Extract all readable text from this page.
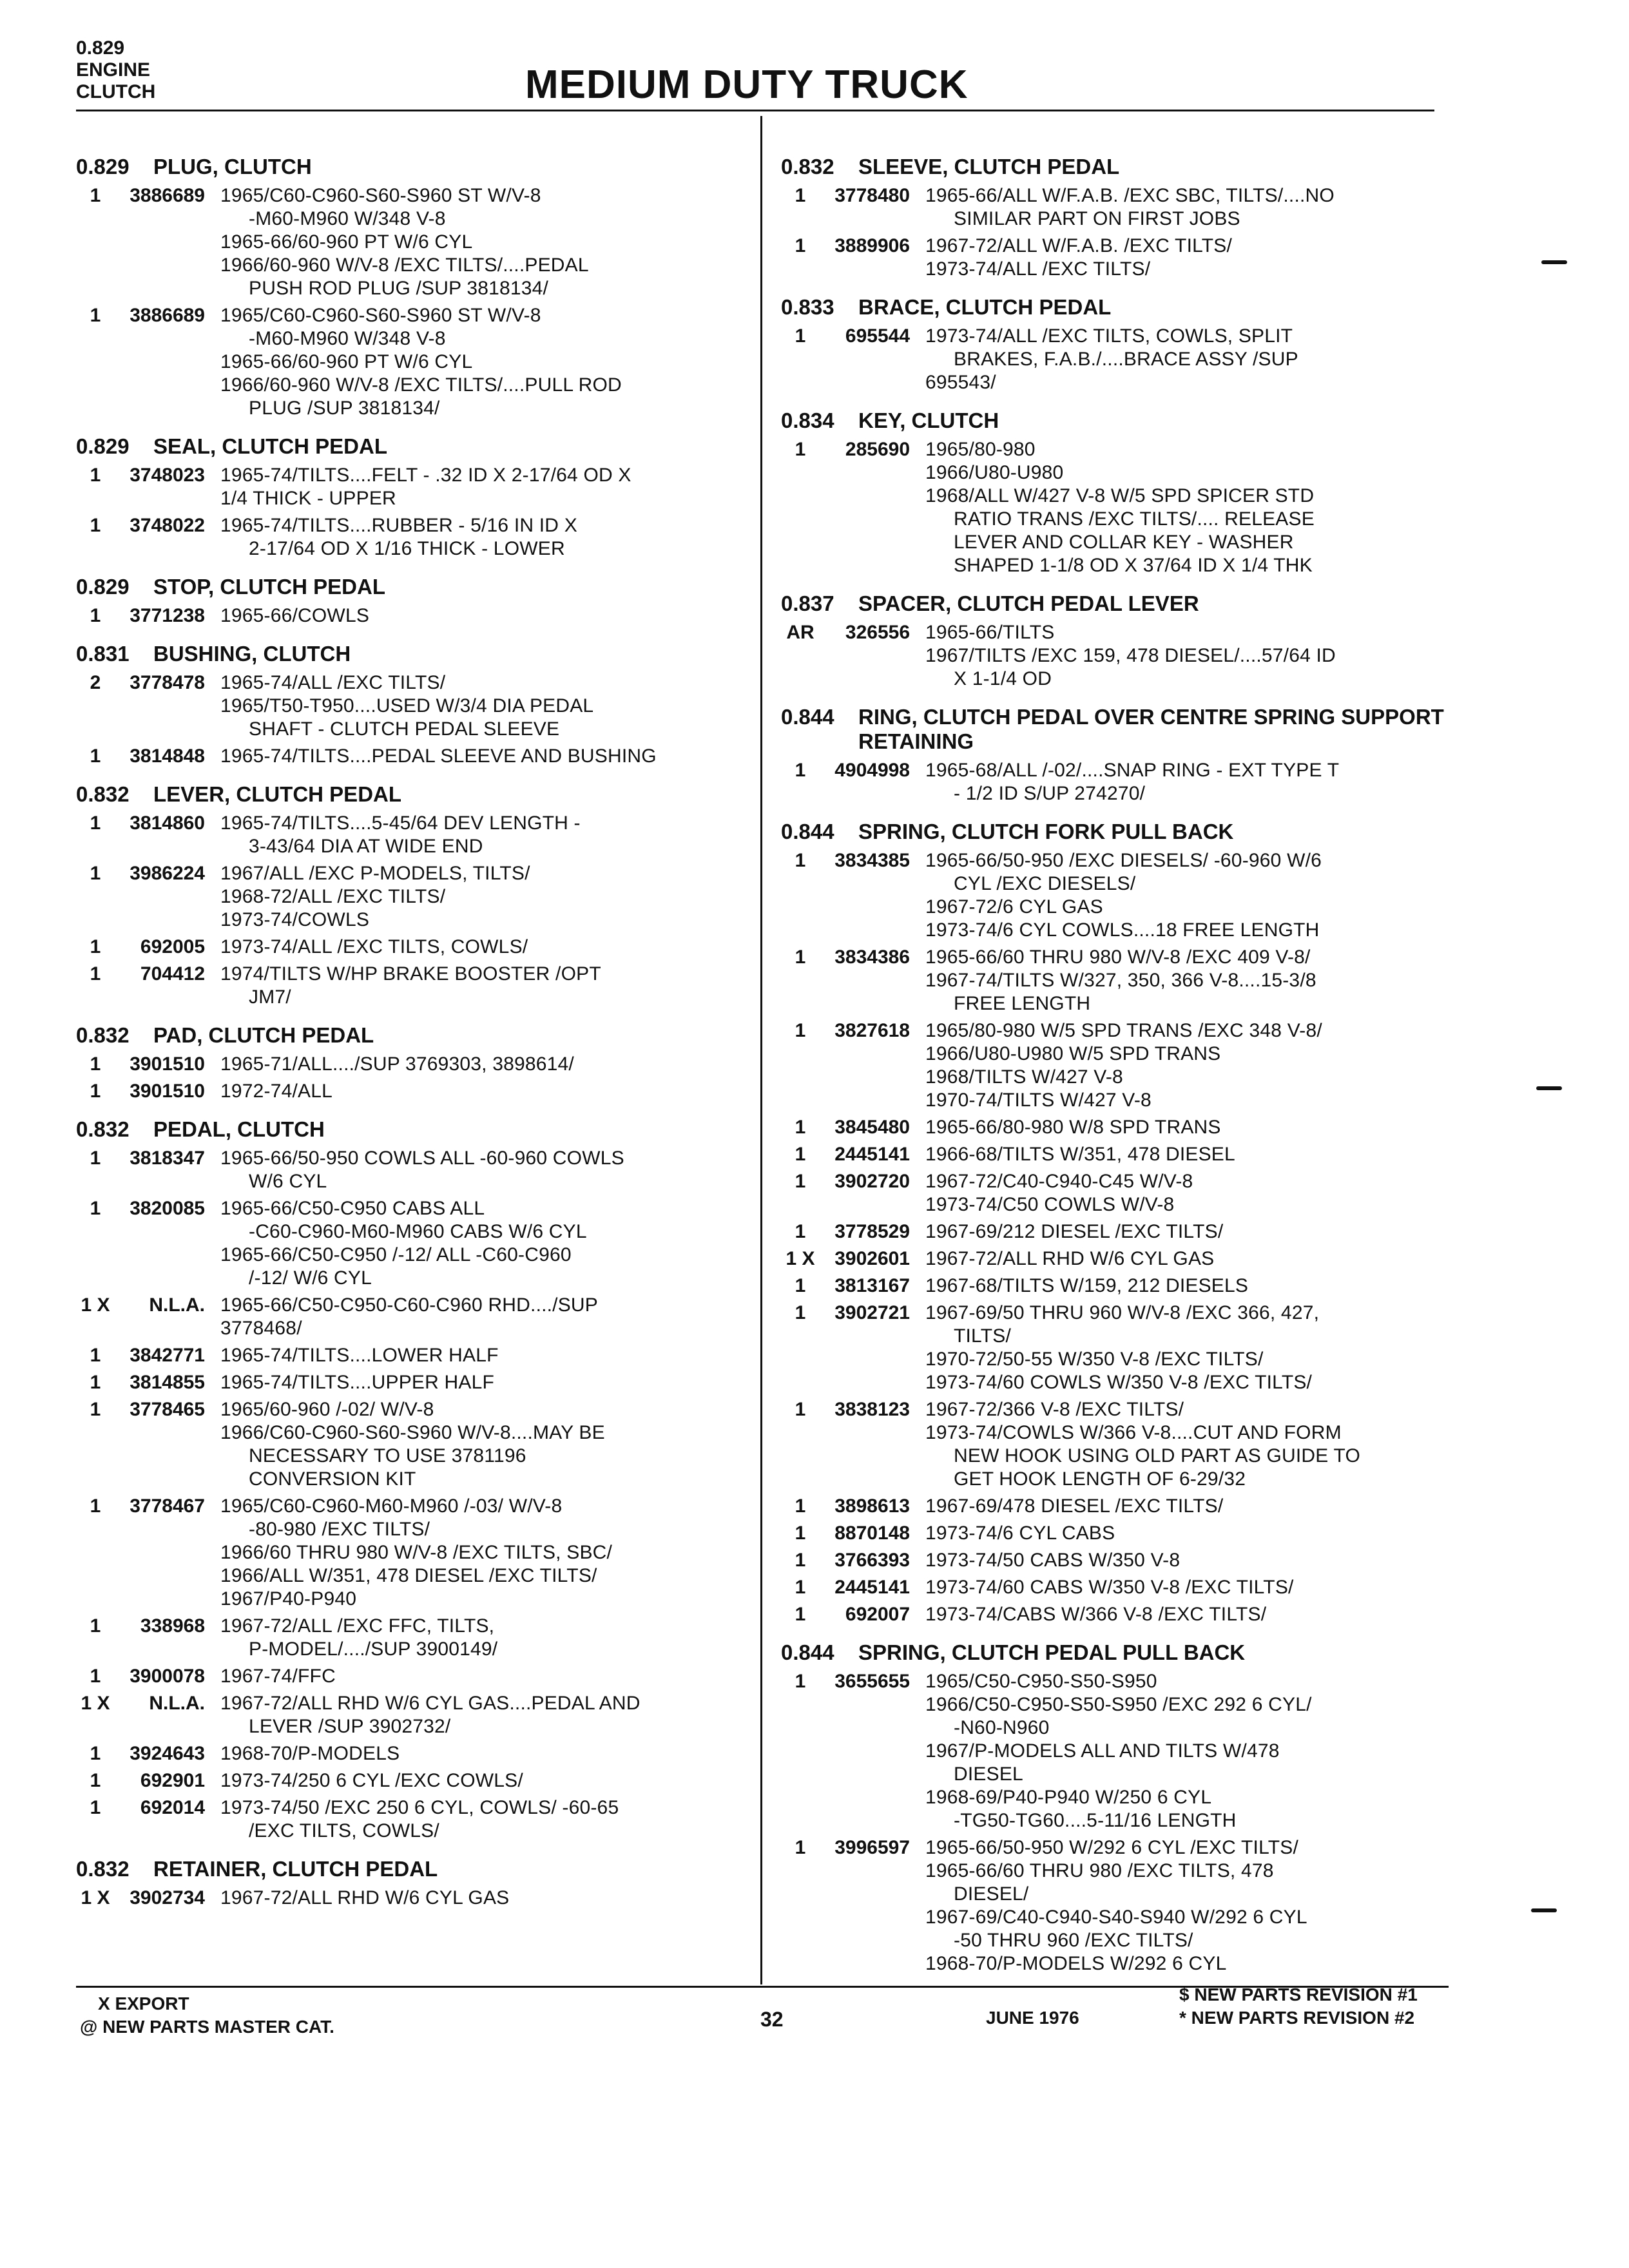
0.829
ENGINE
CLUTCH	MEDIUM DUTY TRUCK
0.829	PLUG, CLUTCH
1	3886689 1965/C60-C960-S60-S960 ST W/V-8
-M60-M960 W/348 V-8
1965-66/60-960 PT W/6 CYL
1966/60-960 W/V-8 /EXC TILTS/....PEDAL
PUSH ROD PLUG /SUP 3818134/
1	3886689 1965/C60-C960-S60-S960 ST W/V-8
-M60-M960 W/348 V-8
1965-66/60-960 PT W/6 CYL
1966/60-960 W/V-8 /EXC TILTS/....PULL ROD
PLUG /SUP 3818134/
0.829	SEAL, CLUTCH PEDAL
1	3748023 1965-74/TILTS....FELT - .32 ID X 2-17/64 OD X
1/4 THICK - UPPER
1	3748022 1965-74/TILTS....RUBBER - 5/16 IN ID X
2-17/64 OD X 1/16 THICK - LOWER
0.829	STOP, CLUTCH PEDAL
1	3771238 1965-66/COWLS
0.831	BUSHING, CLUTCH
2	3778478 1965-74/ALL /EXC TILTS/
1965/T50-T950....USED W/3/4 DIA PEDAL
SHAFT - CLUTCH PEDAL SLEEVE
1	3814848 1965-74/TILTS....PEDAL SLEEVE AND BUSHING
0.832	LEVER, CLUTCH PEDAL
1	3814860 1965-74/TILTS....5-45/64 DEV LENGTH -
3-43/64 DIA AT WIDE END
1	3986224 1967/ALL /EXC P-MODELS, TILTS/
1968-72/ALL /EXC TILTS/
1973-74/COWLS
1	692005 1973-74/ALL /EXC TILTS, COWLS/
1	704412 1974/TILTS W/HP BRAKE BOOSTER /OPT
JM7/
0.832	PAD, CLUTCH PEDAL
1	3901510 1965-71/ALL..../SUP 3769303, 3898614/
1	3901510 1972-74/ALL
0.832	PEDAL, CLUTCH
1	3818347 1965-66/50-950 COWLS ALL -60-960 COWLS
W/6 CYL
1	3820085 1965-66/C50-C950 CABS ALL
-C60-C960-M60-M960 CABS W/6 CYL
1965-66/C50-C950 /-12/ ALL -C60-C960
/-12/ W/6 CYL
1 X	N.L.A. 1965-66/C50-C950-C60-C960 RHD..../SUP
3778468/
1	3842771 1965-74/TILTS....LOWER HALF
1	3814855 1965-74/TILTS....UPPER HALF
1	3778465 1965/60-960 /-02/ W/V-8
1966/C60-C960-S60-S960 W/V-8....MAY BE
NECESSARY TO USE 3781196
CONVERSION KIT
1	3778467 1965/C60-C960-M60-M960 /-03/ W/V-8
-80-980 /EXC TILTS/
1966/60 THRU 980 W/V-8 /EXC TILTS, SBC/
1966/ALL W/351, 478 DIESEL /EXC TILTS/
1967/P40-P940
1	338968 1967-72/ALL /EXC FFC, TILTS,
P-MODEL/..../SUP 3900149/
1	3900078 1967-74/FFC
1 X	N.L.A. 1967-72/ALL RHD W/6 CYL GAS....PEDAL AND
LEVER /SUP 3902732/
1	3924643 1968-70/P-MODELS
1	692901 1973-74/250 6 CYL /EXC COWLS/
1	692014 1973-74/50 /EXC 250 6 CYL, COWLS/ -60-65
/EXC TILTS, COWLS/
0.832	RETAINER, CLUTCH PEDAL
1 X	3902734 1967-72/ALL RHD W/6 CYL GAS
0.832	SLEEVE, CLUTCH PEDAL
1	3778480 1965-66/ALL W/F.A.B. /EXC SBC, TILTS/....NO
SIMILAR PART ON FIRST JOBS
1	3889906 1967-72/ALL W/F.A.B. /EXC TILTS/
1973-74/ALL /EXC TILTS/
0.833	BRACE, CLUTCH PEDAL
1	695544 1973-74/ALL /EXC TILTS, COWLS, SPLIT
BRAKES, F.A.B./....BRACE ASSY /SUP
695543/
0.834	KEY, CLUTCH
1	285690 1965/80-980
1966/U80-U980
1968/ALL W/427 V-8 W/5 SPD SPICER STD
RATIO TRANS /EXC TILTS/.... RELEASE
LEVER AND COLLAR KEY - WASHER
SHAPED 1-1/8 OD X 37/64 ID X 1/4 THK
0.837	SPACER, CLUTCH PEDAL LEVER
AR	326556 1965-66/TILTS
1967/TILTS /EXC 159, 478 DIESEL/....57/64 ID
X 1-1/4 OD
0.844	RING, CLUTCH PEDAL OVER CENTRE SPRING SUPPORT RETAINING
1	4904998 1965-68/ALL /-02/....SNAP RING - EXT TYPE T
- 1/2 ID S/UP 274270/
0.844	SPRING, CLUTCH FORK PULL BACK
1	3834385 1965-66/50-950 /EXC DIESELS/ -60-960 W/6
CYL /EXC DIESELS/
1967-72/6 CYL GAS
1973-74/6 CYL COWLS....18 FREE LENGTH
1	3834386 1965-66/60 THRU 980 W/V-8 /EXC 409 V-8/
1967-74/TILTS W/327, 350, 366 V-8....15-3/8
FREE LENGTH
1	3827618 1965/80-980 W/5 SPD TRANS /EXC 348 V-8/
1966/U80-U980 W/5 SPD TRANS
1968/TILTS W/427 V-8
1970-74/TILTS W/427 V-8
1	3845480 1965-66/80-980 W/8 SPD TRANS
1	2445141 1966-68/TILTS W/351, 478 DIESEL
1	3902720 1967-72/C40-C940-C45 W/V-8
1973-74/C50 COWLS W/V-8
1	3778529 1967-69/212 DIESEL /EXC TILTS/
1 X	3902601 1967-72/ALL RHD W/6 CYL GAS
1	3813167 1967-68/TILTS W/159, 212 DIESELS
1	3902721 1967-69/50 THRU 960 W/V-8 /EXC 366, 427,
TILTS/
1970-72/50-55 W/350 V-8 /EXC TILTS/
1973-74/60 COWLS W/350 V-8 /EXC TILTS/
1	3838123 1967-72/366 V-8 /EXC TILTS/
1973-74/COWLS W/366 V-8....CUT AND FORM
NEW HOOK USING OLD PART AS GUIDE TO
GET HOOK LENGTH OF 6-29/32
1	3898613 1967-69/478 DIESEL /EXC TILTS/
1	8870148 1973-74/6 CYL CABS
1	3766393 1973-74/50 CABS W/350 V-8
1	2445141 1973-74/60 CABS W/350 V-8 /EXC TILTS/
1	692007 1973-74/CABS W/366 V-8 /EXC TILTS/
0.844	SPRING, CLUTCH PEDAL PULL BACK
1	3655655 1965/C50-C950-S50-S950
1966/C50-C950-S50-S950 /EXC 292 6 CYL/
-N60-N960
1967/P-MODELS ALL AND TILTS W/478
DIESEL
1968-69/P40-P940 W/250 6 CYL
-TG50-TG60....5-11/16 LENGTH
1	3996597 1965-66/50-950 W/292 6 CYL /EXC TILTS/
1965-66/60 THRU 980 /EXC TILTS, 478
DIESEL/
1967-69/C40-C940-S40-S940 W/292 6 CYL
-50 THRU 960 /EXC TILTS/
1968-70/P-MODELS W/292 6 CYL
X EXPORT
@ NEW PARTS MASTER CAT.	32	JUNE 1976
$ NEW PARTS REVISION #1
* NEW PARTS REVISION #2
